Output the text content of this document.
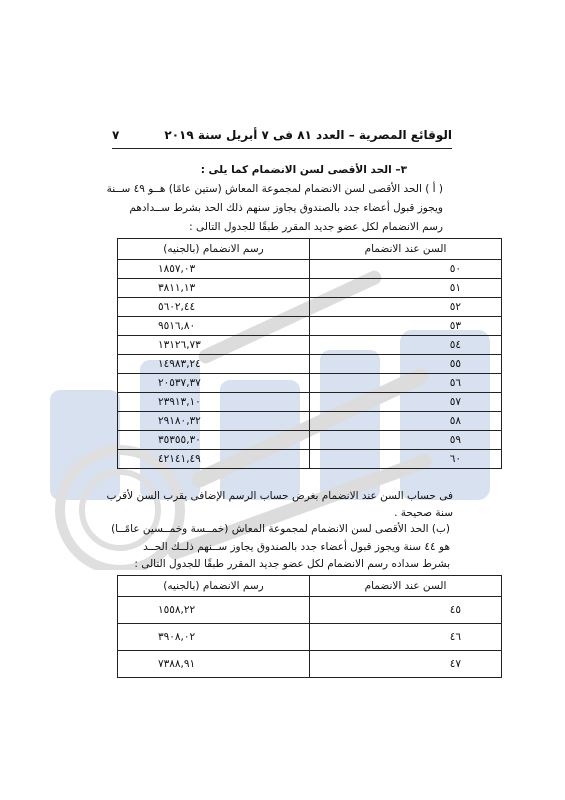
الوقائع المصرية – العدد ٨١ فى ٧ أبريل سنة ٢٠١٩
٧
٣– الحد الأقصى لسن الانضمام كما يلى :
( أ ) الحد الأقصى لسن الانضمام لمجموعة المعاش (ستين عامًا) هــو ٤٩ ســنة
ويجوز قبول أعضاء جدد بالصندوق يجاوز سنهم ذلك الحد بشرط ســدادهم
رسم الانضمام لكل عضو جديد المقرر طبقًا للجدول التالى :
السن عند الانضمام	رسم الانضمام (بالجنيه)
٥٠	١٨٥٧,٠٣
٥١	٣٨١١,١٣
٥٢	٥٦٠٢,٤٤
٥٣	٩٥١٦,٨٠
٥٤	١٣١٢٦,٧٣
٥٥	١٤٩٨٣,٢٤
٥٦	٢٠٥٣٧,٣٧
٥٧	٢٣٩١٣,١٠
٥٨	٢٩١٨٠,٣٢
٥٩	٣٥٣٥٥,٣٠
٦٠	٤٢١٤١,٤٩
فى حساب السن عند الانضمام بغرض حساب الرسم الإضافى يقرب السن لأقرب
سنة صحيحة .
(ب) الحد الأقصى لسن الانضمام لمجموعة المعاش (خمــسة وخمــسين عامًــا)
هو ٤٤ سنة ويجوز قبول أعضاء جدد بالصندوق يجاوز ســنهم ذلــك الحــد
بشرط سداده رسم الانضمام لكل عضو جديد المقرر طبقًا للجدول التالى :
السن عند الانضمام	رسم الانضمام (بالجنيه)
٤٥	١٥٥٨,٢٢
٤٦	٣٩٠٨,٠٢
٤٧	٧٣٨٨,٩١
